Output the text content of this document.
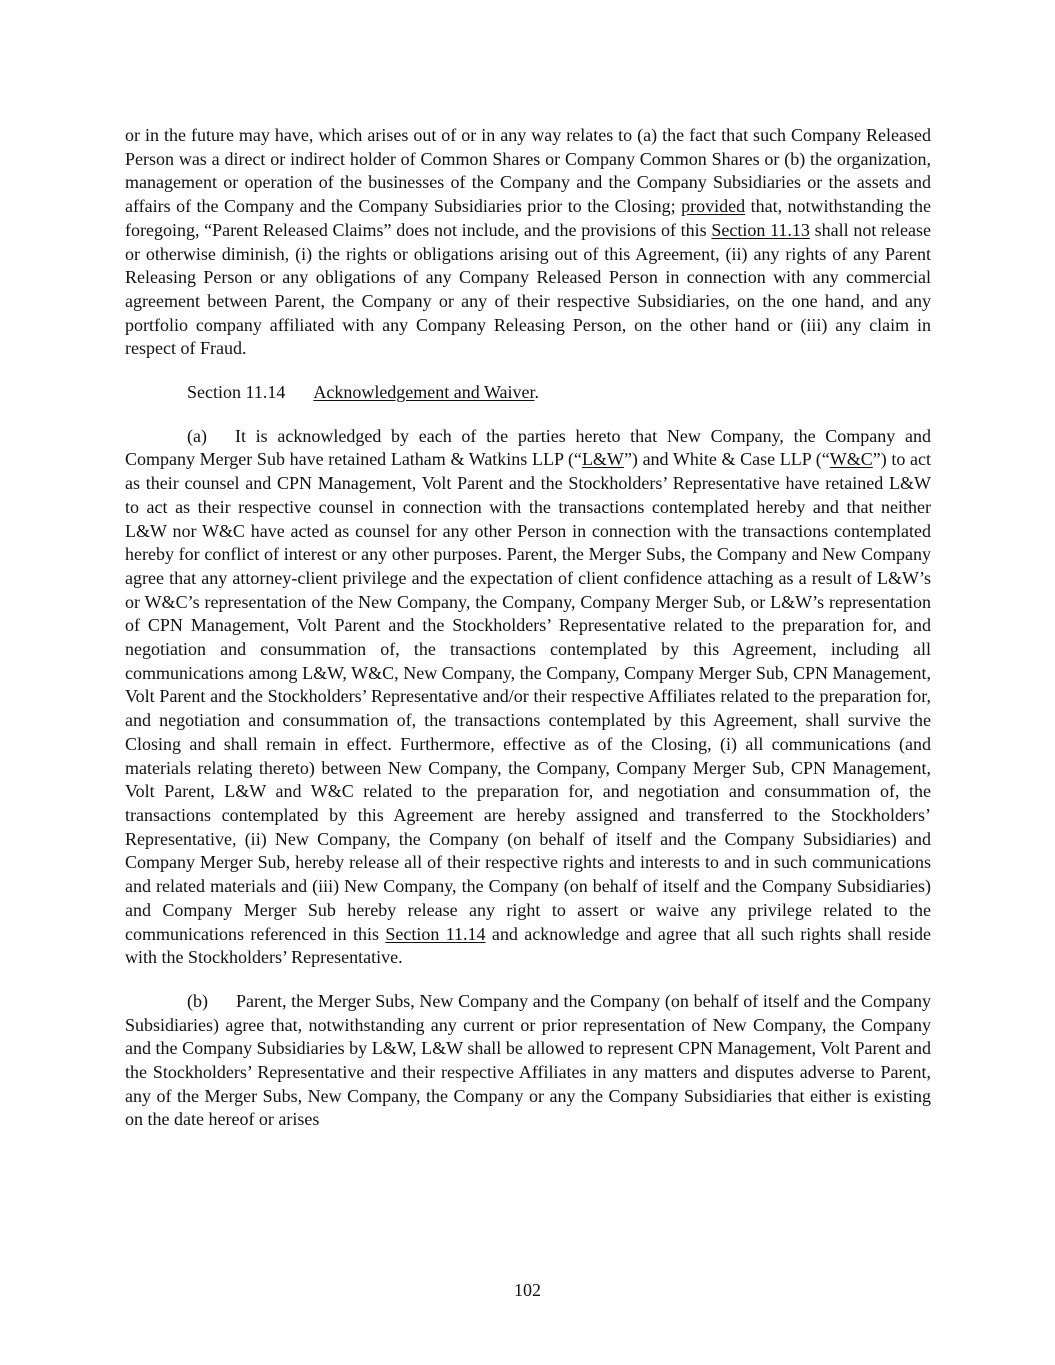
or in the future may have, which arises out of or in any way relates to (a) the fact that such Company Released Person was a direct or indirect holder of Common Shares or Company Common Shares or (b) the organization, management or operation of the businesses of the Company and the Company Subsidiaries or the assets and affairs of the Company and the Company Subsidiaries prior to the Closing; provided that, notwithstanding the foregoing, “Parent Released Claims” does not include, and the provisions of this Section 11.13 shall not release or otherwise diminish, (i) the rights or obligations arising out of this Agreement, (ii) any rights of any Parent Releasing Person or any obligations of any Company Released Person in connection with any commercial agreement between Parent, the Company or any of their respective Subsidiaries, on the one hand, and any portfolio company affiliated with any Company Releasing Person, on the other hand or (iii) any claim in respect of Fraud.

Section 11.14 Acknowledgement and Waiver.

(a) It is acknowledged by each of the parties hereto that New Company, the Company and Company Merger Sub have retained Latham & Watkins LLP (“L&W”) and White & Case LLP (“W&C”) to act as their counsel and CPN Management, Volt Parent and the Stockholders’ Representative have retained L&W to act as their respective counsel in connection with the transactions contemplated hereby and that neither L&W nor W&C have acted as counsel for any other Person in connection with the transactions contemplated hereby for conflict of interest or any other purposes. Parent, the Merger Subs, the Company and New Company agree that any attorney-client privilege and the expectation of client confidence attaching as a result of L&W’s or W&C’s representation of the New Company, the Company, Company Merger Sub, or L&W’s representation of CPN Management, Volt Parent and the Stockholders’ Representative related to the preparation for, and negotiation and consummation of, the transactions contemplated by this Agreement, including all communications among L&W, W&C, New Company, the Company, Company Merger Sub, CPN Management, Volt Parent and the Stockholders’ Representative and/or their respective Affiliates related to the preparation for, and negotiation and consummation of, the transactions contemplated by this Agreement, shall survive the Closing and shall remain in effect. Furthermore, effective as of the Closing, (i) all communications (and materials relating thereto) between New Company, the Company, Company Merger Sub, CPN Management, Volt Parent, L&W and W&C related to the preparation for, and negotiation and consummation of, the transactions contemplated by this Agreement are hereby assigned and transferred to the Stockholders’ Representative, (ii) New Company, the Company (on behalf of itself and the Company Subsidiaries) and Company Merger Sub, hereby release all of their respective rights and interests to and in such communications and related materials and (iii) New Company, the Company (on behalf of itself and the Company Subsidiaries) and Company Merger Sub hereby release any right to assert or waive any privilege related to the communications referenced in this Section 11.14 and acknowledge and agree that all such rights shall reside with the Stockholders’ Representative.

(b) Parent, the Merger Subs, New Company and the Company (on behalf of itself and the Company Subsidiaries) agree that, notwithstanding any current or prior representation of New Company, the Company and the Company Subsidiaries by L&W, L&W shall be allowed to represent CPN Management, Volt Parent and the Stockholders’ Representative and their respective Affiliates in any matters and disputes adverse to Parent, any of the Merger Subs, New Company, the Company or any the Company Subsidiaries that either is existing on the date hereof or arises

102
